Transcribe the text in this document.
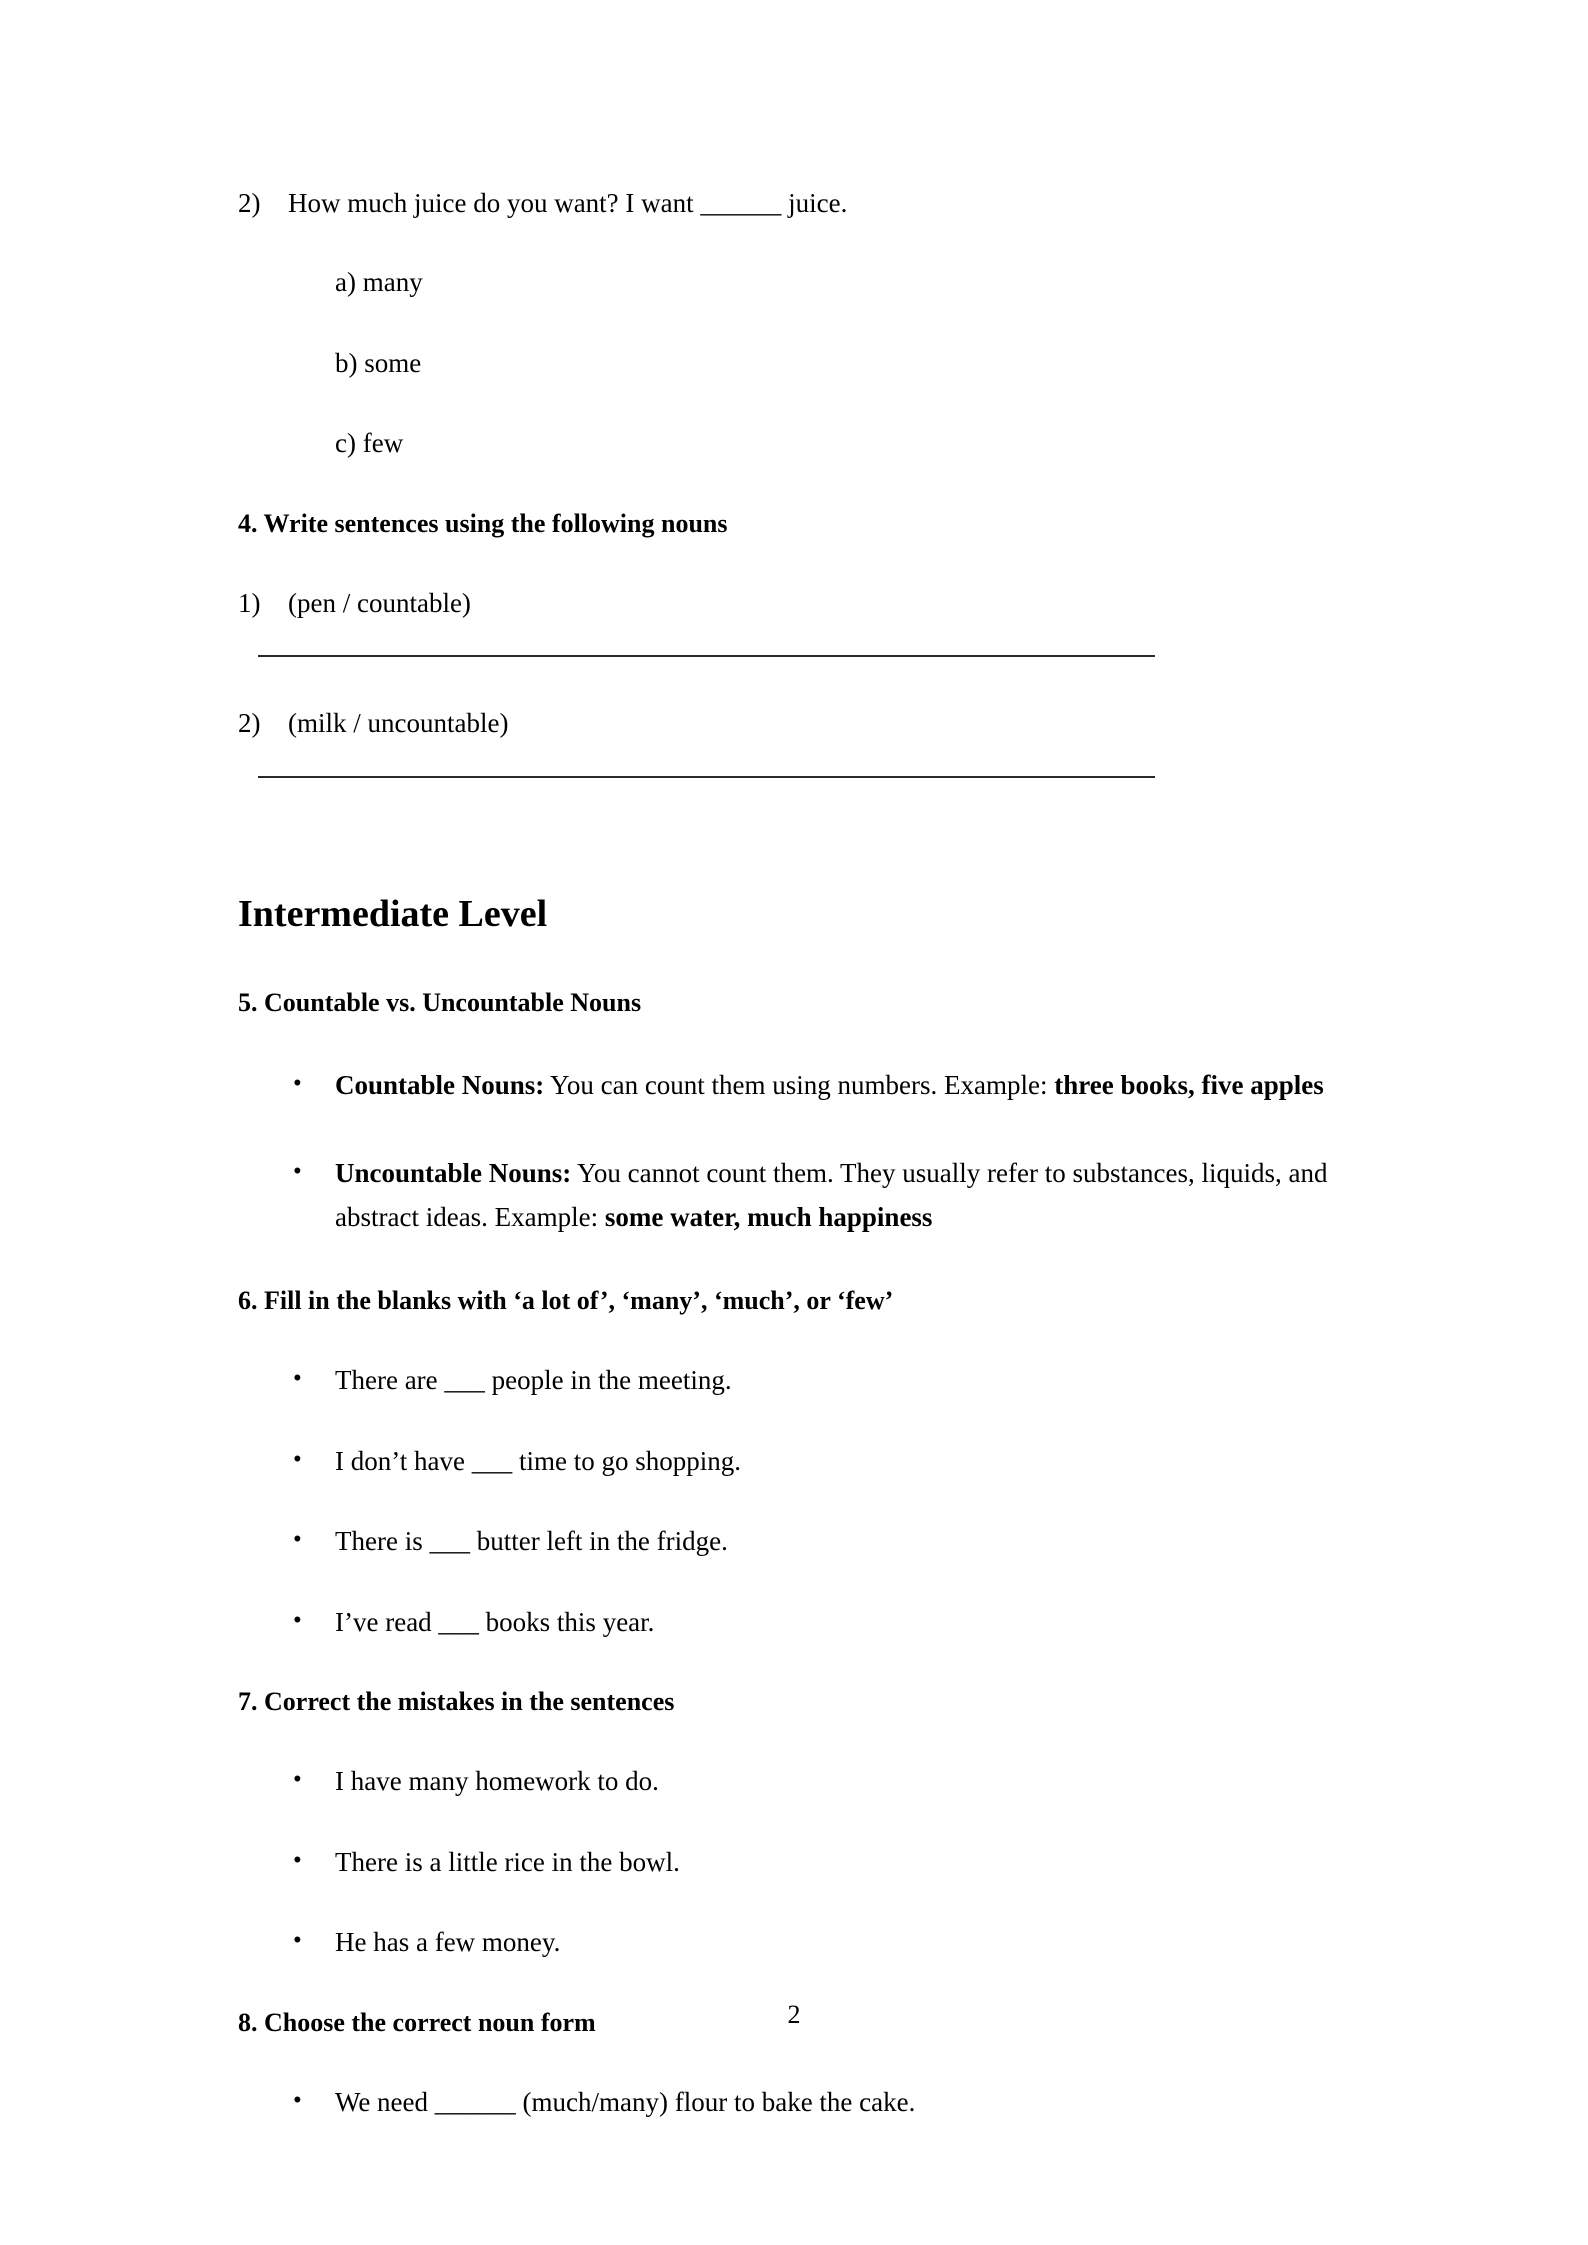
2)	How much juice do you want? I want ______ juice.
a) many
b) some
c) few
4. Write sentences using the following nouns
1)	(pen / countable)
2)	(milk / uncountable)
Intermediate Level
5. Countable vs. Uncountable Nouns
• Countable Nouns: You can count them using numbers. Example: three books, five apples
• Uncountable Nouns: You cannot count them. They usually refer to substances, liquids, and abstract ideas. Example: some water, much happiness
6. Fill in the blanks with ‘a lot of’, ‘many’, ‘much’, or ‘few’
• There are ___ people in the meeting.
• I don’t have ___ time to go shopping.
• There is ___ butter left in the fridge.
• I’ve read ___ books this year.
7. Correct the mistakes in the sentences
• I have many homework to do.
• There is a little rice in the bowl.
• He has a few money.
8. Choose the correct noun form
• We need ______ (much/many) flour to bake the cake.
2
